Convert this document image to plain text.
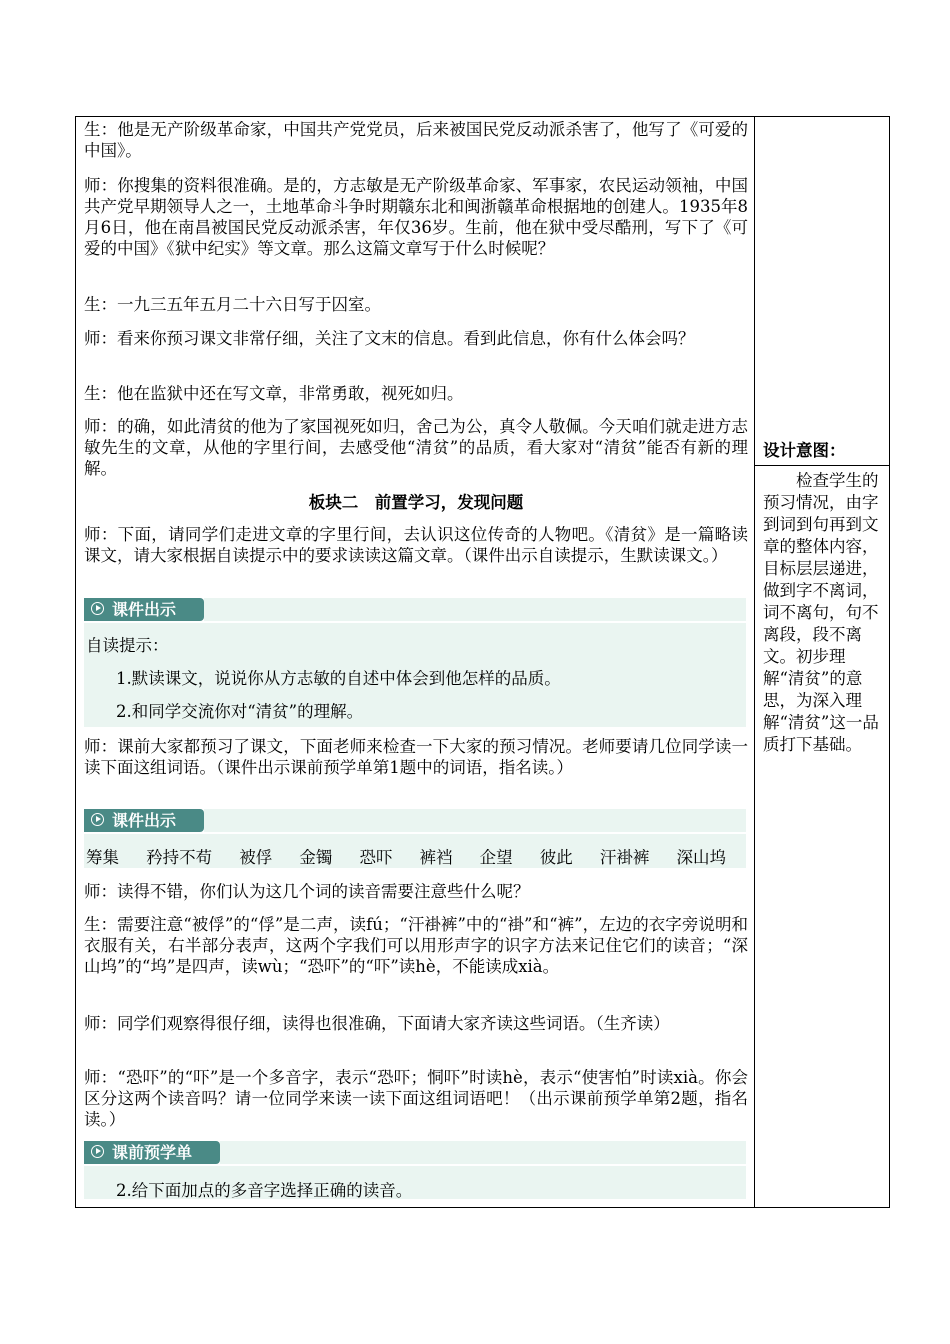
生：他是无产阶级革命家，中国共产党党员，后来被国民党反动派杀害了，他写了《可爱的中国》。

师：你搜集的资料很准确。是的，方志敏是无产阶级革命家、军事家，农民运动领袖，中国共产党早期领导人之一，土地革命斗争时期赣东北和闽浙赣革命根据地的创建人。1935年8月6日，他在南昌被国民党反动派杀害，年仅36岁。生前，他在狱中受尽酷刑，写下了《可爱的中国》《狱中纪实》等文章。那么这篇文章写于什么时候呢？

生：一九三五年五月二十六日写于囚室。

师：看来你预习课文非常仔细，关注了文末的信息。看到此信息，你有什么体会吗？

生：他在监狱中还在写文章，非常勇敢，视死如归。

师：的确，如此清贫的他为了家国视死如归，舍己为公，真令人敬佩。今天咱们就走进方志敏先生的文章，从他的字里行间，去感受他“清贫”的品质，看大家对“清贫”能否有新的理解。

板块二　前置学习，发现问题

师：下面，请同学们走进文章的字里行间，去认识这位传奇的人物吧。《清贫》是一篇略读课文，请大家根据自读提示中的要求读读这篇文章。（课件出示自读提示，生默读课文。）

课件出示

自读提示：

1.默读课文，说说你从方志敏的自述中体会到他怎样的品质。

2.和同学交流你对“清贫”的理解。

师：课前大家都预习了课文，下面老师来检查一下大家的预习情况。老师要请几位同学读一读下面这组词语。（课件出示课前预学单第1题中的词语，指名读。）

课件出示
筹集 矜持不苟 被俘 金镯 恐吓 裤裆 企望 彼此 汗褂裤 深山坞

师：读得不错，你们认为这几个词的读音需要注意些什么呢？

生：需要注意“被俘”的“俘”是二声，读fú；“汗褂裤”中的“褂”和“裤”，左边的衣字旁说明和衣服有关，右半部分表声，这两个字我们可以用形声字的识字方法来记住它们的读音；“深山坞”的“坞”是四声，读wù；“恐吓”的“吓”读hè，不能读成xià。

师：同学们观察得很仔细，读得也很准确，下面请大家齐读这些词语。（生齐读）

师：“恐吓”的“吓”是一个多音字，表示“恐吓；恫吓”时读hè，表示“使害怕”时读xià。你会区分这两个读音吗？请一位同学来读一读下面这组词语吧！（出示课前预学单第2题，指名读。）

课前预学单

2.给下面加点的多音字选择正确的读音。

设计意图：

　　检查学生的预习情况，由字到词到句再到文章的整体内容，目标层层递进，做到字不离词，词不离句，句不离段，段不离文。初步理解“清贫”的意思，为深入理解“清贫”这一品质打下基础。
